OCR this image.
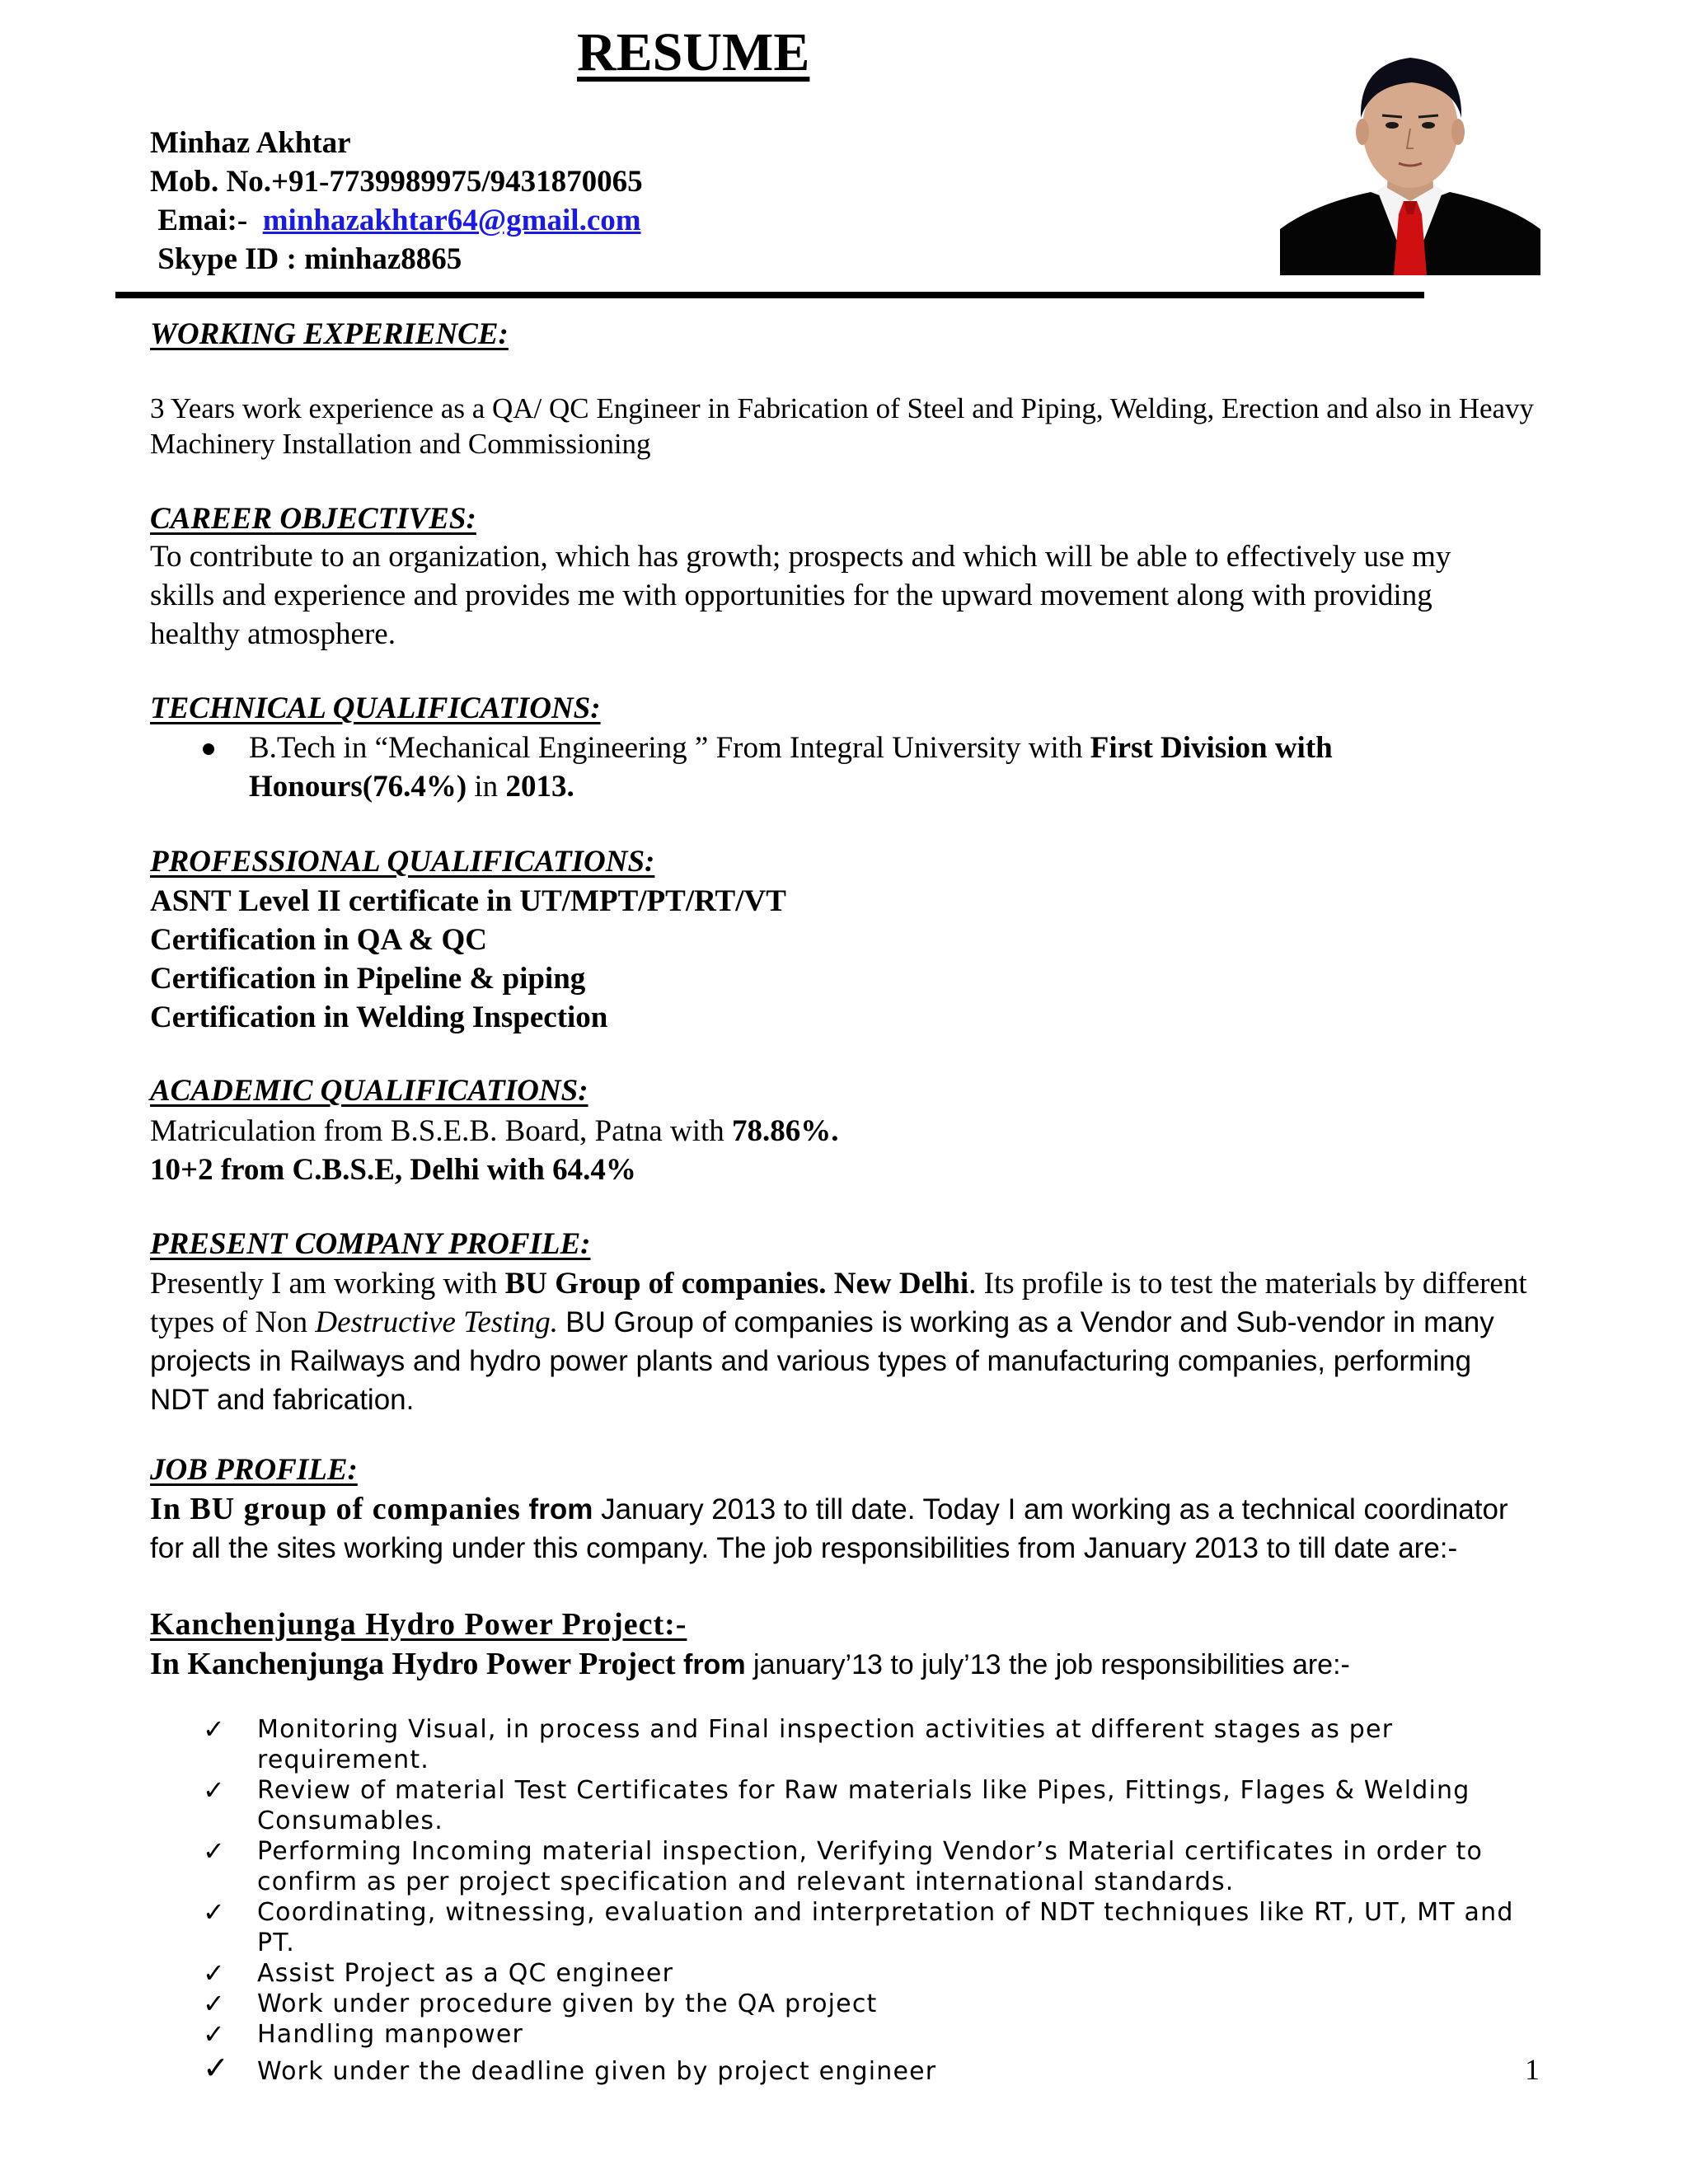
RESUME
Minhaz Akhtar
Mob. No.+91-7739989975/9431870065
Emai:- minhazakhtar64@gmail.com
Skype ID : minhaz8865
WORKING EXPERIENCE:
3 Years work experience as a QA/ QC Engineer in Fabrication of Steel and Piping, Welding, Erection and also in Heavy Machinery Installation and Commissioning
CAREER OBJECTIVES:
To contribute to an organization, which has growth; prospects and which will be able to effectively use my skills and experience and provides me with opportunities for the upward movement along with providing healthy atmosphere.
TECHNICAL QUALIFICATIONS:
B.Tech in “Mechanical Engineering ” From Integral University with First Division with
Honours(76.4%) in 2013.
PROFESSIONAL QUALIFICATIONS:
ASNT Level II certificate in UT/MPT/PT/RT/VT
Certification in QA & QC
Certification in Pipeline & piping
Certification in Welding Inspection
ACADEMIC QUALIFICATIONS:
Matriculation from B.S.E.B. Board, Patna with 78.86%.
10+2 from C.B.S.E, Delhi with 64.4%
PRESENT COMPANY PROFILE:
Presently I am working with BU Group of companies. New Delhi. Its profile is to test the materials by different types of Non Destructive Testing. BU Group of companies is working as a Vendor and Sub-vendor in many projects in Railways and hydro power plants and various types of manufacturing companies, performing NDT and fabrication.
JOB PROFILE:
In BU group of companies from January 2013 to till date. Today I am working as a technical coordinator for all the sites working under this company. The job responsibilities from January 2013 to till date are:-
Kanchenjunga Hydro Power Project:-
In Kanchenjunga Hydro Power Project from january’13 to july’13 the job responsibilities are:-
✓ Monitoring Visual, in process and Final inspection activities at different stages as per requirement.
✓ Review of material Test Certificates for Raw materials like Pipes, Fittings, Flages & Welding Consumables.
✓ Performing Incoming material inspection, Verifying Vendor’s Material certificates in order to confirm as per project specification and relevant international standards.
✓ Coordinating, witnessing, evaluation and interpretation of NDT techniques like RT, UT, MT and PT.
✓ Assist Project as a QC engineer
✓ Work under procedure given by the QA project
✓ Handling manpower
✓ Work under the deadline given by project engineer	1
